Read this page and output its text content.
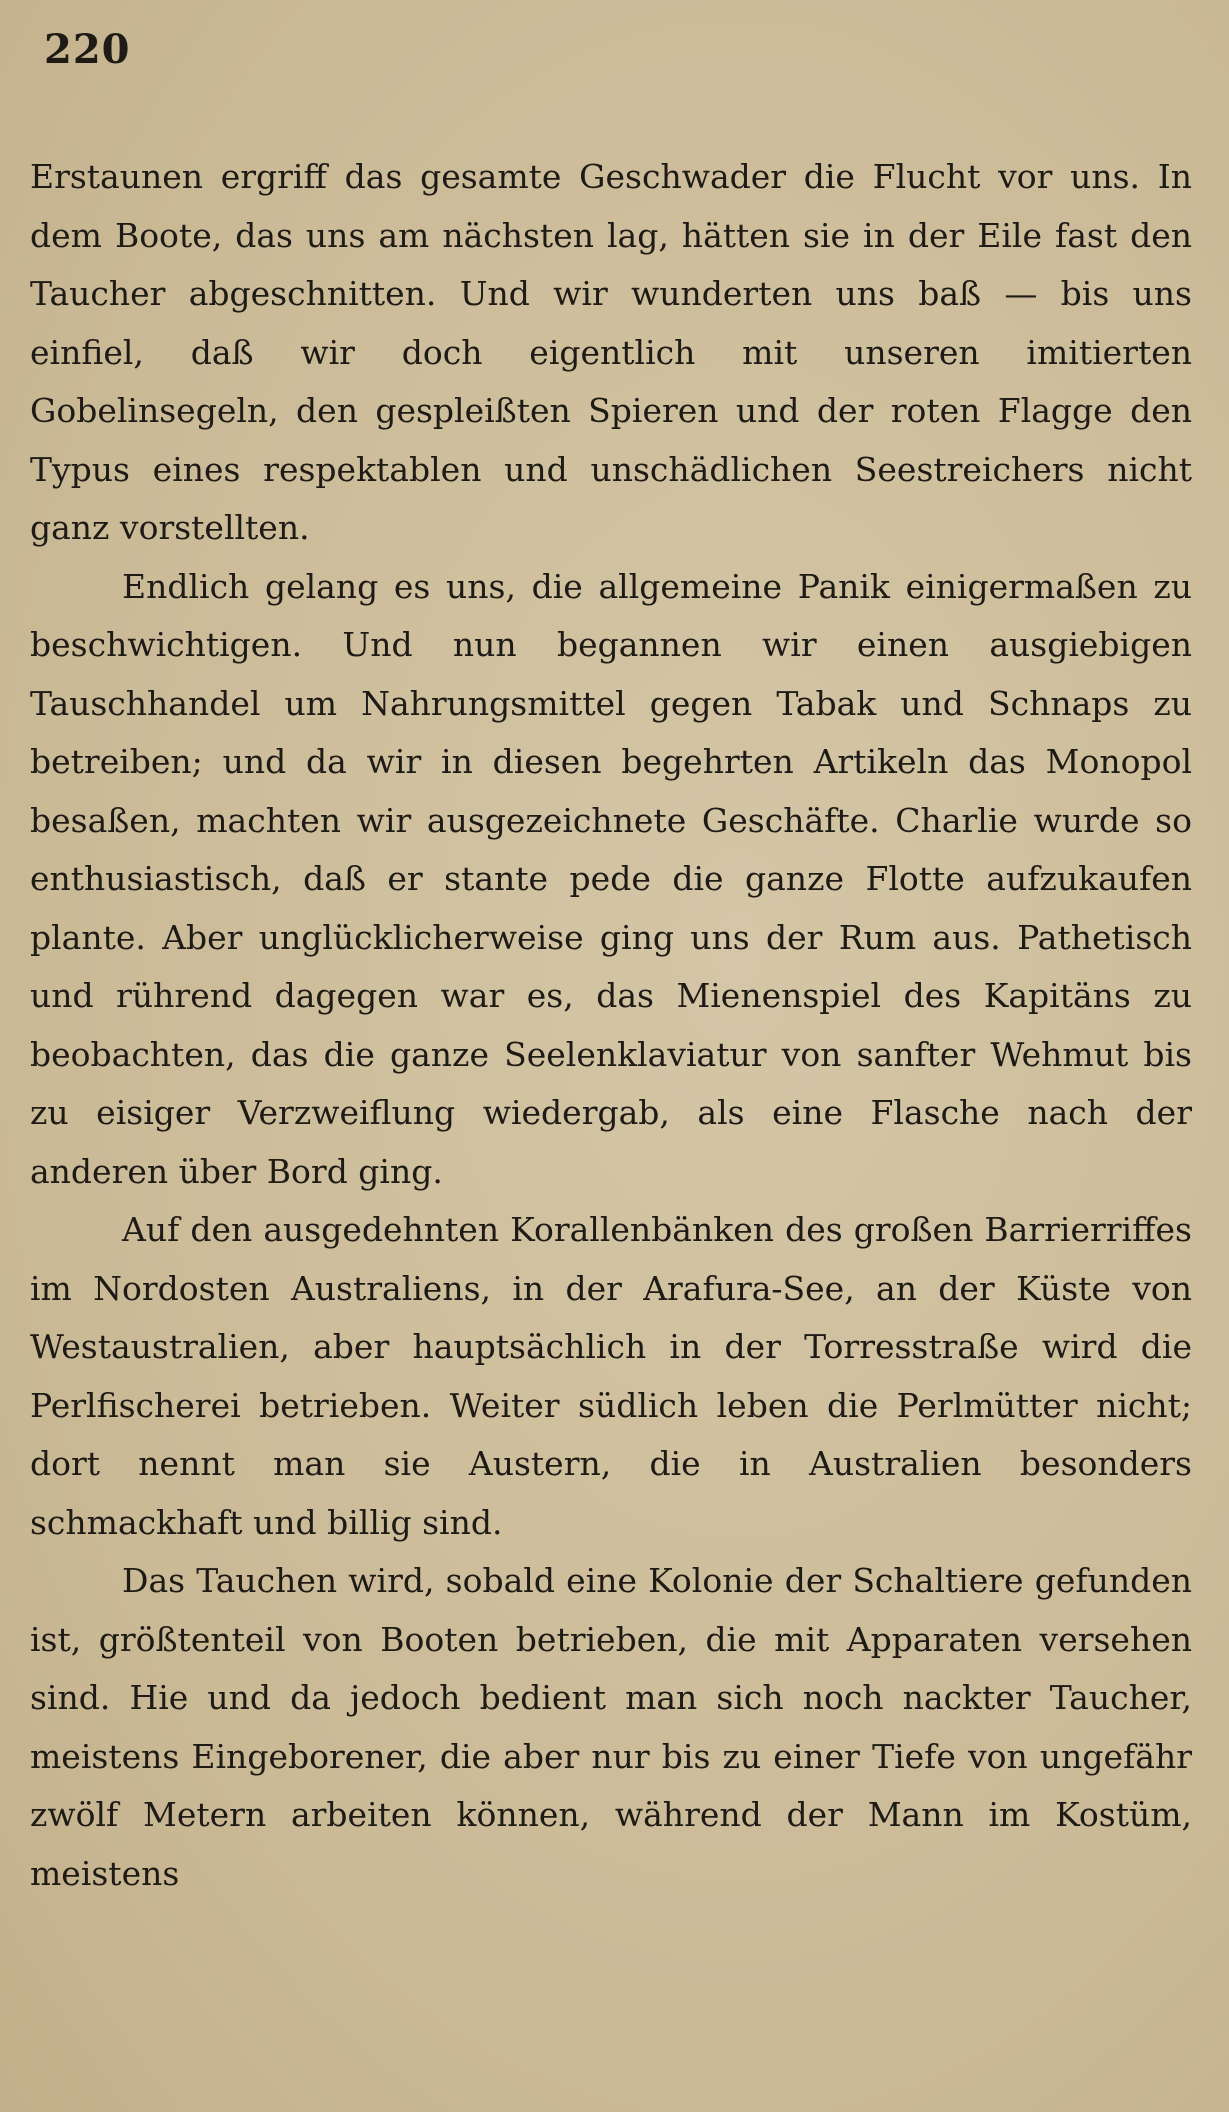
220

Erstaunen ergriff das gesamte Geschwader die Flucht vor uns. In dem Boote, das uns am nächsten lag, hätten sie in der Eile fast den Taucher abgeschnitten. Und wir wunderten uns baß — bis uns einfiel, daß wir doch eigentlich mit unseren imitierten Gobelinsegeln, den gespleißten Spieren und der roten Flagge den Typus eines respektablen und unschädlichen Seestreichers nicht ganz vorstellten.

Endlich gelang es uns, die allgemeine Panik einigermaßen zu beschwichtigen. Und nun begannen wir einen ausgiebigen Tauschhandel um Nahrungsmittel gegen Tabak und Schnaps zu betreiben; und da wir in diesen begehrten Artikeln das Monopol besaßen, machten wir ausgezeichnete Geschäfte. Charlie wurde so enthusiastisch, daß er stante pede die ganze Flotte aufzukaufen plante. Aber unglücklicherweise ging uns der Rum aus. Pathetisch und rührend dagegen war es, das Mienenspiel des Kapitäns zu beobachten, das die ganze Seelenklaviatur von sanfter Wehmut bis zu eisiger Verzweiflung wiedergab, als eine Flasche nach der anderen über Bord ging.

Auf den ausgedehnten Korallenbänken des großen Barrierriffes im Nordosten Australiens, in der Arafura-See, an der Küste von Westaustralien, aber hauptsächlich in der Torresstraße wird die Perlfischerei betrieben. Weiter südlich leben die Perlmütter nicht; dort nennt man sie Austern, die in Australien besonders schmackhaft und billig sind.

Das Tauchen wird, sobald eine Kolonie der Schaltiere gefunden ist, größtenteil von Booten betrieben, die mit Apparaten versehen sind. Hie und da jedoch bedient man sich noch nackter Taucher, meistens Eingeborener, die aber nur bis zu einer Tiefe von ungefähr zwölf Metern arbeiten können, während der Mann im Kostüm, meistens
